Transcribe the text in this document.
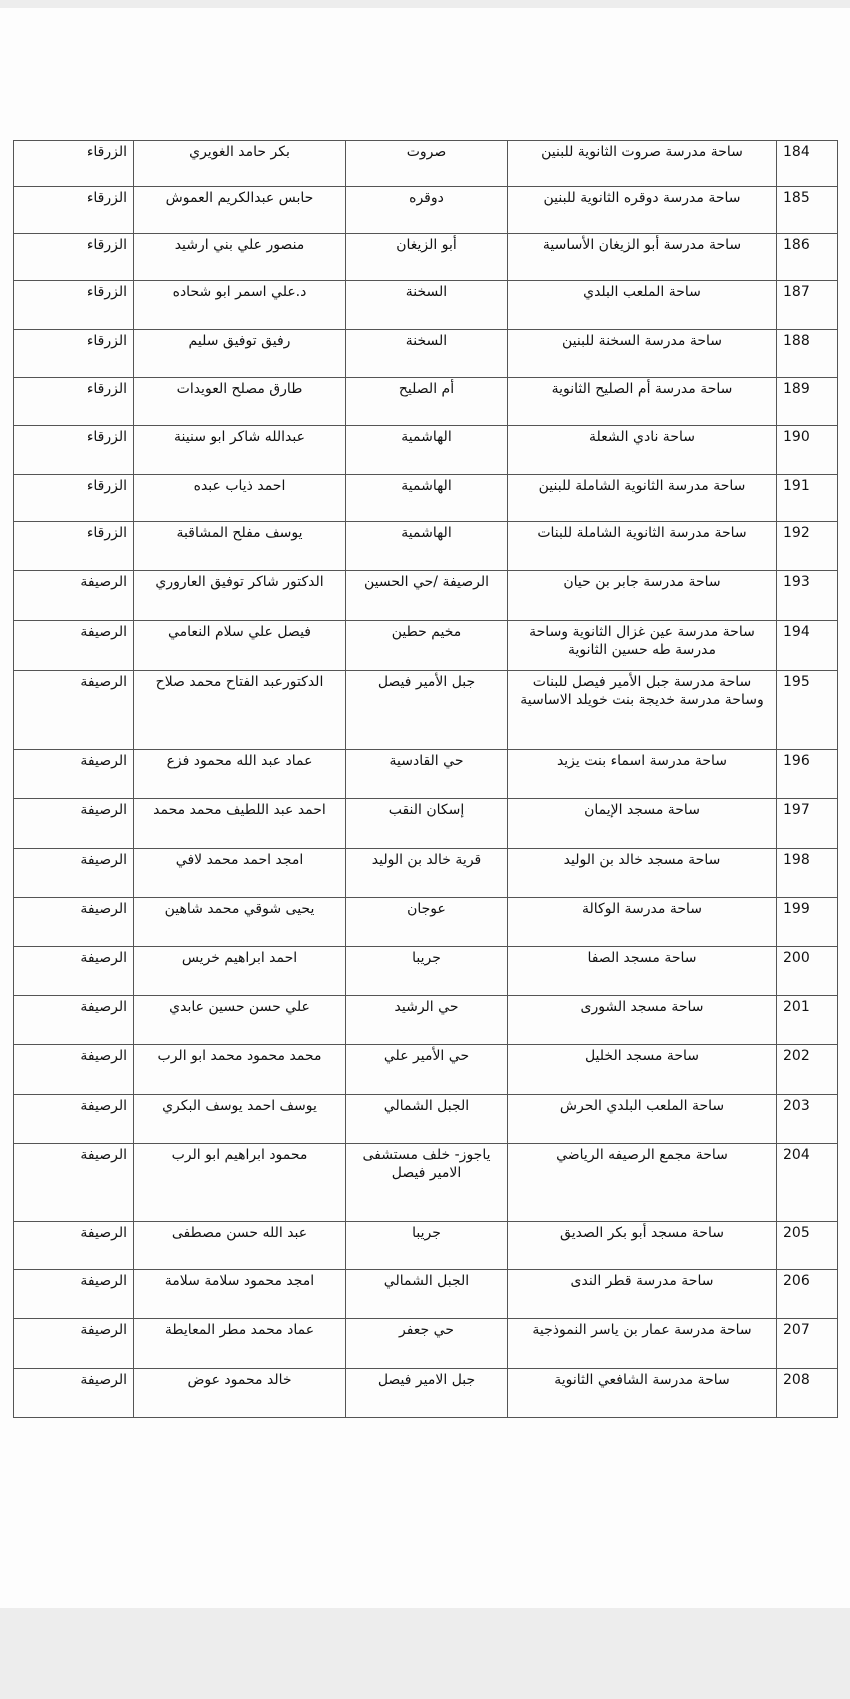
الزرقاء	بكر حامد الغويري	صروت	ساحة مدرسة صروت الثانوية للبنين	184
الزرقاء	حابس عبدالكريم العموش	دوقره	ساحة مدرسة دوقره الثانوية للبنين	185
الزرقاء	منصور علي بني ارشيد	أبو الزيغان	ساحة مدرسة أبو الزيغان الأساسية	186
الزرقاء	د.علي اسمر ابو شحاده	السخنة	ساحة الملعب البلدي	187
الزرقاء	رفيق توفيق سليم	السخنة	ساحة مدرسة السخنة للبنين	188
الزرقاء	طارق مصلح العويدات	أم الصليح	ساحة مدرسة أم الصليح الثانوية	189
الزرقاء	عبدالله شاكر ابو سنينة	الهاشمية	ساحة نادي الشعلة	190
الزرقاء	احمد ذياب عبده	الهاشمية	ساحة مدرسة الثانوية الشاملة للبنين	191
الزرقاء	يوسف مفلح المشاقبة	الهاشمية	ساحة مدرسة الثانوية الشاملة للبنات	192
الرصيفة	الدكتور شاكر توفيق العاروري	الرصيفة /حي الحسين	ساحة مدرسة جابر بن حيان	193
الرصيفة	فيصل علي سلام النعامي	مخيم حطين	ساحة مدرسة عين غزال الثانوية وساحة مدرسة طه حسين الثانوية	194
الرصيفة	الدكتورعبد الفتاح محمد صلاح	جبل الأمير فيصل	ساحة مدرسة جبل الأمير فيصل للبنات وساحة مدرسة خديجة بنت خويلد الاساسية	195
الرصيفة	عماد عبد الله محمود فزع	حي القادسية	ساحة مدرسة اسماء بنت يزيد	196
الرصيفة	احمد عبد اللطيف محمد محمد	إسكان النقب	ساحة مسجد الإيمان	197
الرصيفة	امجد احمد محمد لافي	قرية خالد بن الوليد	ساحة مسجد خالد بن الوليد	198
الرصيفة	يحيى شوقي محمد شاهين	عوجان	ساحة مدرسة الوكالة	199
الرصيفة	احمد ابراهيم خريس	جريبا	ساحة مسجد الصفا	200
الرصيفة	علي حسن حسين عابدي	حي الرشيد	ساحة مسجد الشورى	201
الرصيفة	محمد محمود محمد ابو الرب	حي الأمير علي	ساحة مسجد الخليل	202
الرصيفة	يوسف احمد يوسف البكري	الجبل الشمالي	ساحة الملعب البلدي الحرش	203
الرصيفة	محمود ابراهيم ابو الرب	ياجوز- خلف مستشفى الامير فيصل	ساحة مجمع الرصيفه الرياضي	204
الرصيفة	عبد الله حسن مصطفى	جريبا	ساحة مسجد أبو بكر الصديق	205
الرصيفة	امجد محمود سلامة سلامة	الجبل الشمالي	ساحة مدرسة قطر الندى	206
الرصيفة	عماد محمد مطر المعايطة	حي جعفر	ساحة مدرسة عمار بن ياسر النموذجية	207
الرصيفة	خالد محمود عوض	جبل الامير فيصل	ساحة مدرسة الشافعي الثانوية	208
